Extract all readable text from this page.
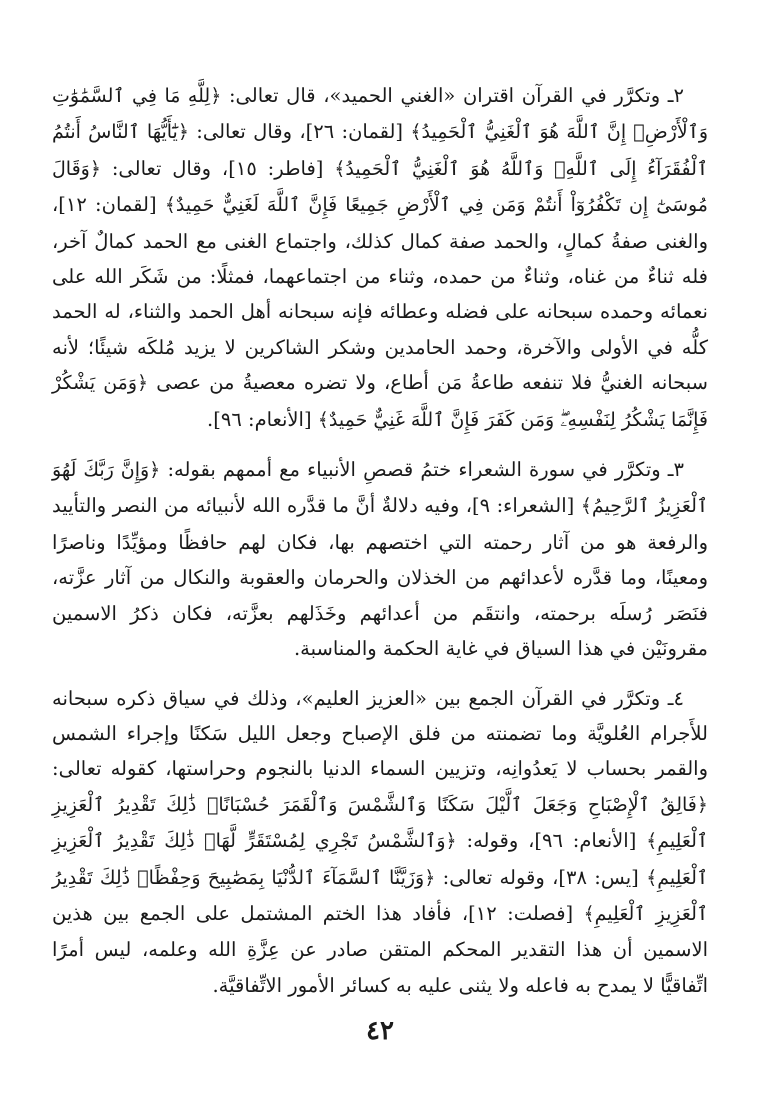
٢ـ وتكرَّر في القرآن اقتران «الغني الحميد»، قال تعالى: ﴿لِلَّهِ مَا فِي ٱلسَّمَٰوَٰتِ وَٱلْأَرْضِۚ إِنَّ ٱللَّهَ هُوَ ٱلْغَنِيُّ ٱلْحَمِيدُ﴾ [لقمان: ٢٦]، وقال تعالى: ﴿يَٰٓأَيُّهَا ٱلنَّاسُ أَنتُمُ ٱلْفُقَرَآءُ إِلَى ٱللَّهِۖ وَٱللَّهُ هُوَ ٱلْغَنِيُّ ٱلْحَمِيدُ﴾ [فاطر: ١٥]، وقال تعالى: ﴿وَقَالَ مُوسَىٰٓ إِن تَكْفُرُوٓاْ أَنتُمْ وَمَن فِي ٱلْأَرْضِ جَمِيعًا فَإِنَّ ٱللَّهَ لَغَنِيٌّ حَمِيدٌ﴾ [لقمان: ١٢]، والغنى صفةُ كمالٍ، والحمد صفة كمال كذلك، واجتماع الغنى مع الحمد كمالٌ آخر، فله ثناءٌ من غناه، وثناءٌ من حمده، وثناء من اجتماعهما، فمثلًا: من شَكَر الله على نعمائه وحمده سبحانه على فضله وعطائه فإنه سبحانه أهل الحمد والثناء، له الحمد كلُّه في الأولى والآخرة، وحمد الحامدين وشكر الشاكرين لا يزيد مُلكَه شيئًا؛ لأنه سبحانه الغنيُّ فلا تنفعه طاعةُ مَن أطاع، ولا تضره معصيةُ من عصى ﴿وَمَن يَشْكُرْ فَإِنَّمَا يَشْكُرُ لِنَفْسِهِۦۖ وَمَن كَفَرَ فَإِنَّ ٱللَّهَ غَنِيٌّ حَمِيدٌ﴾ [الأنعام: ٩٦].

٣ـ وتكرَّر في سورة الشعراء ختمُ قصصِ الأنبياء مع أممهم بقوله: ﴿وَإِنَّ رَبَّكَ لَهُوَ ٱلْعَزِيزُ ٱلرَّحِيمُ﴾ [الشعراء: ٩]، وفيه دلالةٌ أنَّ ما قدَّره الله لأنبيائه من النصر والتأييد والرفعة هو من آثار رحمته التي اختصهم بها، فكان لهم حافظًا ومؤيِّدًا وناصرًا ومعينًا، وما قدَّره لأعدائهم من الخذلان والحرمان والعقوبة والنكال من آثار عزَّته، فنَصَر رُسلَه برحمته، وانتقَم من أعدائهم وخَذَلهم بعزَّته، فكان ذكرُ الاسمين مقرونَيْن في هذا السياق في غاية الحكمة والمناسبة.

٤ـ وتكرَّر في القرآن الجمع بين «العزيز العليم»، وذلك في سياق ذكره سبحانه للأَجرام العُلويَّة وما تضمنته من فلق الإصباح وجعل الليل سَكنًا وإجراء الشمس والقمر بحساب لا يَعدُوانِه، وتزيين السماء الدنيا بالنجوم وحراستها، كقوله تعالى: ﴿فَالِقُ ٱلْإِصْبَاحِ وَجَعَلَ ٱلَّيْلَ سَكَنًا وَٱلشَّمْسَ وَٱلْقَمَرَ حُسْبَانًاۚ ذَٰلِكَ تَقْدِيرُ ٱلْعَزِيزِ ٱلْعَلِيمِ﴾ [الأنعام: ٩٦]، وقوله: ﴿وَٱلشَّمْسُ تَجْرِي لِمُسْتَقَرٍّ لَّهَاۚ ذَٰلِكَ تَقْدِيرُ ٱلْعَزِيزِ ٱلْعَلِيمِ﴾ [يس: ٣٨]، وقوله تعالى: ﴿وَزَيَّنَّا ٱلسَّمَآءَ ٱلدُّنْيَا بِمَصَٰبِيحَ وَحِفْظًاۚ ذَٰلِكَ تَقْدِيرُ ٱلْعَزِيزِ ٱلْعَلِيمِ﴾ [فصلت: ١٢]، فأفاد هذا الختم المشتمل على الجمع بين هذين الاسمين أن هذا التقدير المحكم المتقن صادر عن عِزَّةِ الله وعلمه، ليس أمرًا اتِّفاقيًّا لا يمدح به فاعله ولا يثنى عليه به كسائر الأمور الاتِّفاقيَّة.

٤٢
